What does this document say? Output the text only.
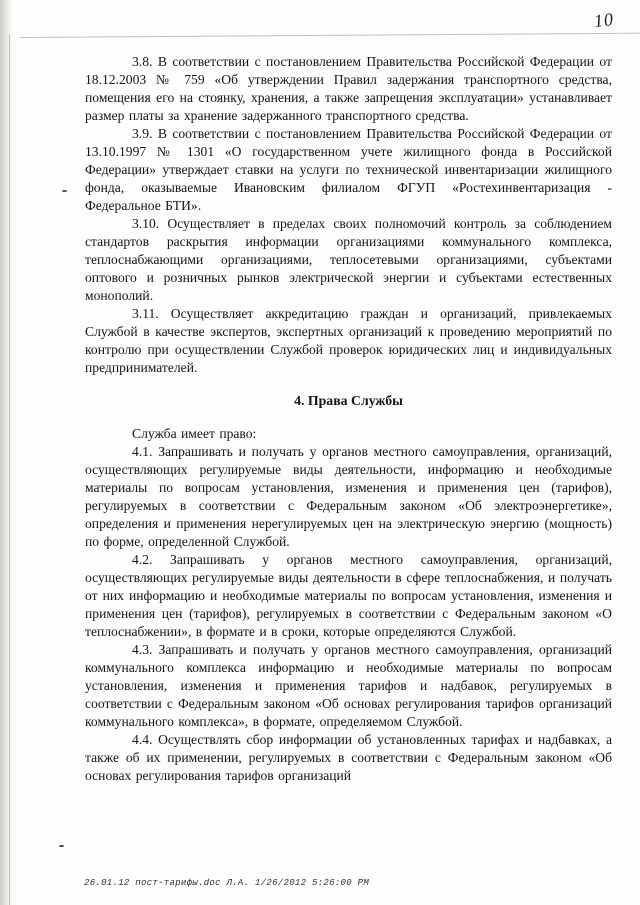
10

3.8. В соответствии с постановлением Правительства Российской Федерации от 18.12.2003 № 759 «Об утверждении Правил задержания транспортного средства, помещения его на стоянку, хранения, а также запрещения эксплуатации» устанавливает размер платы за хранение задержанного транспортного средства.

3.9. В соответствии с постановлением Правительства Российской Федерации от 13.10.1997 № 1301 «О государственном учете жилищного фонда в Российской Федерации» утверждает ставки на услуги по технической инвентаризации жилищного фонда, оказываемые Ивановским филиалом ФГУП «Ростехинвентаризация - Федеральное БТИ».

3.10. Осуществляет в пределах своих полномочий контроль за соблюдением стандартов раскрытия информации организациями коммунального комплекса, теплоснабжающими организациями, теплосетевыми организациями, субъектами оптового и розничных рынков электрической энергии и субъектами естественных монополий.

3.11. Осуществляет аккредитацию граждан и организаций, привлекаемых Службой в качестве экспертов, экспертных организаций к проведению мероприятий по контролю при осуществлении Службой проверок юридических лиц и индивидуальных предпринимателей.

4. Права Службы

Служба имеет право:

4.1. Запрашивать и получать у органов местного самоуправления, организаций, осуществляющих регулируемые виды деятельности, информацию и необходимые материалы по вопросам установления, изменения и применения цен (тарифов), регулируемых в соответствии с Федеральным законом «Об электроэнергетике», определения и применения нерегулируемых цен на электрическую энергию (мощность) по форме, определенной Службой.

4.2. Запрашивать у органов местного самоуправления, организаций, осуществляющих регулируемые виды деятельности в сфере теплоснабжения, и получать от них информацию и необходимые материалы по вопросам установления, изменения и применения цен (тарифов), регулируемых в соответствии с Федеральным законом «О теплоснабжении», в формате и в сроки, которые определяются Службой.

4.3. Запрашивать и получать у органов местного самоуправления, организаций коммунального комплекса информацию и необходимые материалы по вопросам установления, изменения и применения тарифов и надбавок, регулируемых в соответствии с Федеральным законом «Об основах регулирования тарифов организаций коммунального комплекса», в формате, определяемом Службой.

4.4. Осуществлять сбор информации об установленных тарифах и надбавках, а также об их применении, регулируемых в соответствии с Федеральным законом «Об основах регулирования тарифов организаций

26.01.12 пост-тарифы.doc Л.А. 1/26/2012 5:26:00 PM
